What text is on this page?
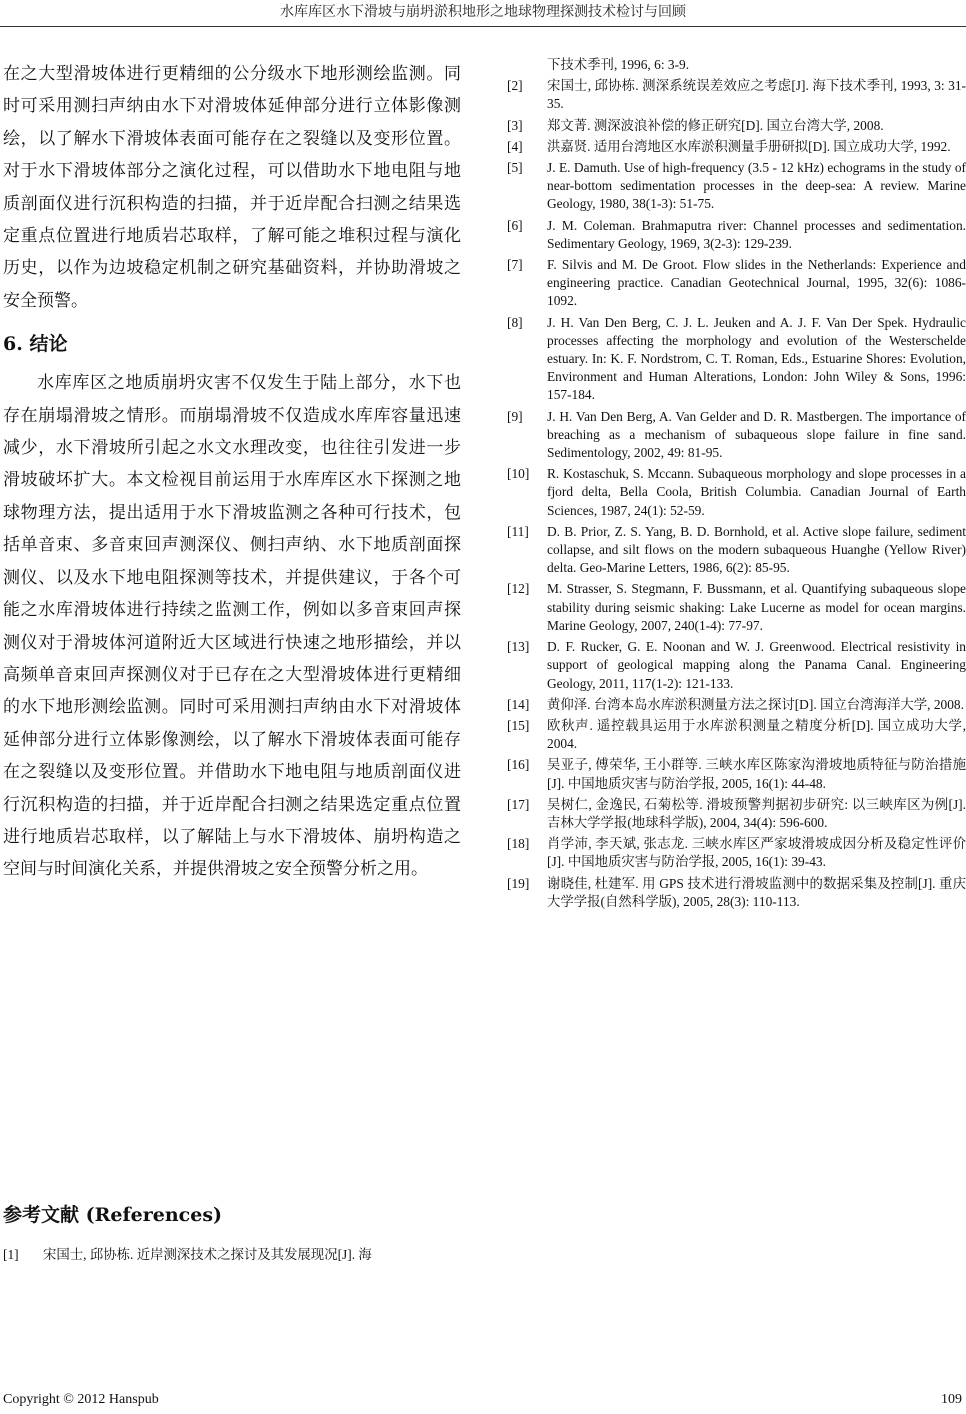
水库库区水下滑坡与崩坍淤积地形之地球物理探测技术检讨与回顾

在之大型滑坡体进行更精细的公分级水下地形测绘监测。同时可采用测扫声纳由水下对滑坡体延伸部分进行立体影像测绘，以了解水下滑坡体表面可能存在之裂缝以及变形位置。对于水下滑坡体部分之演化过程，可以借助水下地电阻与地质剖面仪进行沉积构造的扫描，并于近岸配合扫测之结果选定重点位置进行地质岩芯取样，了解可能之堆积过程与演化历史，以作为边坡稳定机制之研究基础资料，并协助滑坡之安全预警。

6. 结论

水库库区之地质崩坍灾害不仅发生于陆上部分，水下也存在崩塌滑坡之情形。而崩塌滑坡不仅造成水库库容量迅速减少，水下滑坡所引起之水文水理改变，也往往引发进一步滑坡破坏扩大。本文检视目前运用于水库库区水下探测之地球物理方法，提出适用于水下滑坡监测之各种可行技术，包括单音束、多音束回声测深仪、侧扫声纳、水下地质剖面探测仪、以及水下地电阻探测等技术，并提供建议，于各个可能之水库滑坡体进行持续之监测工作，例如以多音束回声探测仪对于滑坡体河道附近大区域进行快速之地形描绘，并以高频单音束回声探测仪对于已存在之大型滑坡体进行更精细的水下地形测绘监测。同时可采用测扫声纳由水下对滑坡体延伸部分进行立体影像测绘，以了解水下滑坡体表面可能存在之裂缝以及变形位置。并借助水下地电阻与地质剖面仪进行沉积构造的扫描，并于近岸配合扫测之结果选定重点位置进行地质岩芯取样，以了解陆上与水下滑坡体、崩坍构造之空间与时间演化关系，并提供滑坡之安全预警分析之用。

参考文献 (References)
[1]	宋国士, 邱协栋. 近岸测深技术之探讨及其发展现况[J]. 海
下技术季刊, 1996, 6: 3-9.
[2]	宋国士, 邱协栋. 测深系统误差效应之考虑[J]. 海下技术季刊, 1993, 3: 31-35.
[3]	郑文菁. 测深波浪补偿的修正研究[D]. 国立台湾大学, 2008.
[4]	洪嘉贤. 适用台湾地区水库淤积测量手册研拟[D]. 国立成功大学, 1992.
[5]	J. E. Damuth. Use of high-frequency (3.5 - 12 kHz) echograms in the study of near-bottom sedimentation processes in the deep-sea: A review. Marine Geology, 1980, 38(1-3): 51-75.
[6]	J. M. Coleman. Brahmaputra river: Channel processes and sedimentation. Sedimentary Geology, 1969, 3(2-3): 129-239.
[7]	F. Silvis and M. De Groot. Flow slides in the Netherlands: Experience and engineering practice. Canadian Geotechnical Journal, 1995, 32(6): 1086-1092.
[8]	J. H. Van Den Berg, C. J. L. Jeuken and A. J. F. Van Der Spek. Hydraulic processes affecting the morphology and evolution of the Westerschelde estuary. In: K. F. Nordstrom, C. T. Roman, Eds., Estuarine Shores: Evolution, Environment and Human Alterations, London: John Wiley & Sons, 1996: 157-184.
[9]	J. H. Van Den Berg, A. Van Gelder and D. R. Mastbergen. The importance of breaching as a mechanism of subaqueous slope failure in fine sand. Sedimentology, 2002, 49: 81-95.
[10]	R. Kostaschuk, S. Mccann. Subaqueous morphology and slope processes in a fjord delta, Bella Coola, British Columbia. Canadian Journal of Earth Sciences, 1987, 24(1): 52-59.
[11]	D. B. Prior, Z. S. Yang, B. D. Bornhold, et al. Active slope failure, sediment collapse, and silt flows on the modern subaqueous Huanghe (Yellow River) delta. Geo-Marine Letters, 1986, 6(2): 85-95.
[12]	M. Strasser, S. Stegmann, F. Bussmann, et al. Quantifying subaqueous slope stability during seismic shaking: Lake Lucerne as model for ocean margins. Marine Geology, 2007, 240(1-4): 77-97.
[13]	D. F. Rucker, G. E. Noonan and W. J. Greenwood. Electrical resistivity in support of geological mapping along the Panama Canal. Engineering Geology, 2011, 117(1-2): 121-133.
[14]	黄仰泽. 台湾本岛水库淤积测量方法之探讨[D]. 国立台湾海洋大学, 2008.
[15]	欧秋声. 遥控载具运用于水库淤积测量之精度分析[D]. 国立成功大学, 2004.
[16]	吴亚子, 傅荣华, 王小群等. 三峡水库区陈家沟滑坡地质特征与防治措施[J]. 中国地质灾害与防治学报, 2005, 16(1): 44-48.
[17]	吴树仁, 金逸民, 石菊松等. 滑坡预警判据初步研究: 以三峡库区为例[J]. 吉林大学学报(地球科学版), 2004, 34(4): 596-600.
[18]	肖学沛, 李天斌, 张志龙. 三峡水库区严家坡滑坡成因分析及稳定性评价[J]. 中国地质灾害与防治学报, 2005, 16(1): 39-43.
[19]	谢晓佳, 杜建军. 用 GPS 技术进行滑坡监测中的数据采集及控制[J]. 重庆大学学报(自然科学版), 2005, 28(3): 110-113.
Copyright © 2012 Hanspub	109
